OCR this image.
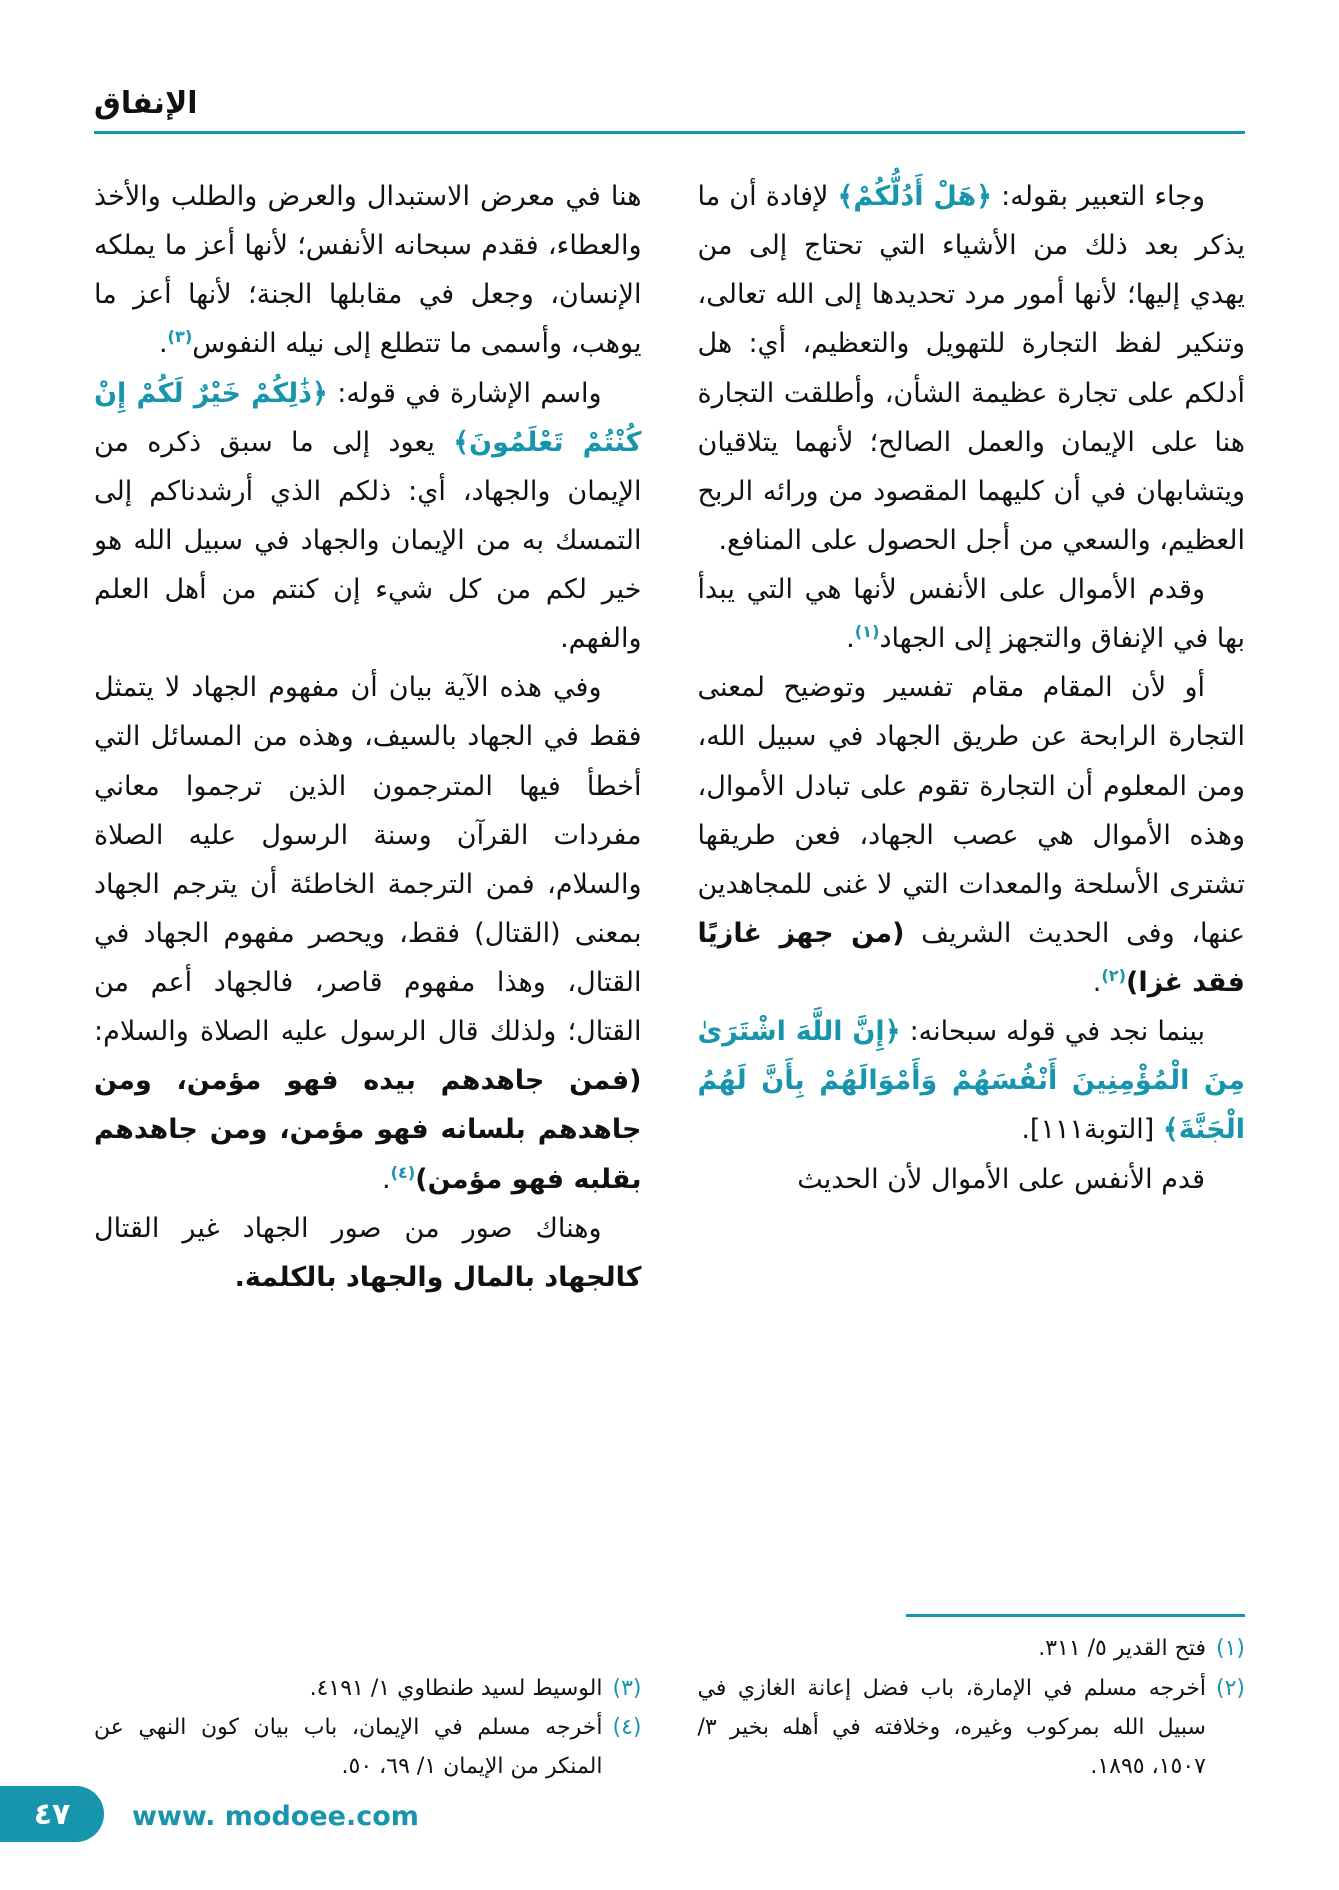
الإنفاق

وجاء التعبير بقوله: ﴿هَلْ أَدُلُّكُمْ﴾ لإفادة أن ما يذكر بعد ذلك من الأشياء التي تحتاج إلى من يهدي إليها؛ لأنها أمور مرد تحديدها إلى الله تعالى، وتنكير لفظ التجارة للتهويل والتعظيم، أي: هل أدلكم على تجارة عظيمة الشأن، وأطلقت التجارة هنا على الإيمان والعمل الصالح؛ لأنهما يتلاقيان ويتشابهان في أن كليهما المقصود من ورائه الربح العظيم، والسعي من أجل الحصول على المنافع.

وقدم الأموال على الأنفس لأنها هي التي يبدأ بها في الإنفاق والتجهز إلى الجهاد$^{(١)}$.

أو لأن المقام مقام تفسير وتوضيح لمعنى التجارة الرابحة عن طريق الجهاد في سبيل الله، ومن المعلوم أن التجارة تقوم على تبادل الأموال، وهذه الأموال هي عصب الجهاد، فعن طريقها تشترى الأسلحة والمعدات التي لا غنى للمجاهدين عنها، وفى الحديث الشريف (من جهز غازيًا فقد غزا)$^{(٢)}$.

بينما نجد في قوله سبحانه: ﴿إِنَّ اللَّهَ اشْتَرَىٰ مِنَ الْمُؤْمِنِينَ أَنْفُسَهُمْ وَأَمْوَالَهُمْ بِأَنَّ لَهُمُ الْجَنَّةَ﴾ [التوبة١١١].

قدم الأنفس على الأموال لأن الحديث

(١)
فتح القدير ٥/ ٣١١.
(٢)
أخرجه مسلم في الإمارة، باب فضل إعانة الغازي في سبيل الله بمركوب وغيره، وخلافته في أهله بخير ٣/ ١٥٠٧، ١٨٩٥.

هنا في معرض الاستبدال والعرض والطلب والأخذ والعطاء، فقدم سبحانه الأنفس؛ لأنها أعز ما يملكه الإنسان، وجعل في مقابلها الجنة؛ لأنها أعز ما يوهب، وأسمى ما تتطلع إلى نيله النفوس$^{(٣)}$.

واسم الإشارة في قوله: ﴿ذَٰلِكُمْ خَيْرٌ لَكُمْ إِنْ كُنْتُمْ تَعْلَمُونَ﴾ يعود إلى ما سبق ذكره من الإيمان والجهاد، أي: ذلكم الذي أرشدناكم إلى التمسك به من الإيمان والجهاد في سبيل الله هو خير لكم من كل شيء إن كنتم من أهل العلم والفهم.

وفي هذه الآية بيان أن مفهوم الجهاد لا يتمثل فقط في الجهاد بالسيف، وهذه من المسائل التي أخطأ فيها المترجمون الذين ترجموا معاني مفردات القرآن وسنة الرسول عليه الصلاة والسلام، فمن الترجمة الخاطئة أن يترجم الجهاد بمعنى (القتال) فقط، ويحصر مفهوم الجهاد في القتال، وهذا مفهوم قاصر، فالجهاد أعم من القتال؛ ولذلك قال الرسول عليه الصلاة والسلام: (فمن جاهدهم بيده فهو مؤمن، ومن جاهدهم بلسانه فهو مؤمن، ومن جاهدهم بقلبه فهو مؤمن)$^{(٤)}$.

وهناك صور من صور الجهاد غير القتال كالجهاد بالمال والجهاد بالكلمة.

(٣)
الوسيط لسيد طنطاوي ١/ ٤١٩١.
(٤)
أخرجه مسلم في الإيمان، باب بيان كون النهي عن المنكر من الإيمان ١/ ٦٩، ٥٠.
٤٧ www. modoee.com
